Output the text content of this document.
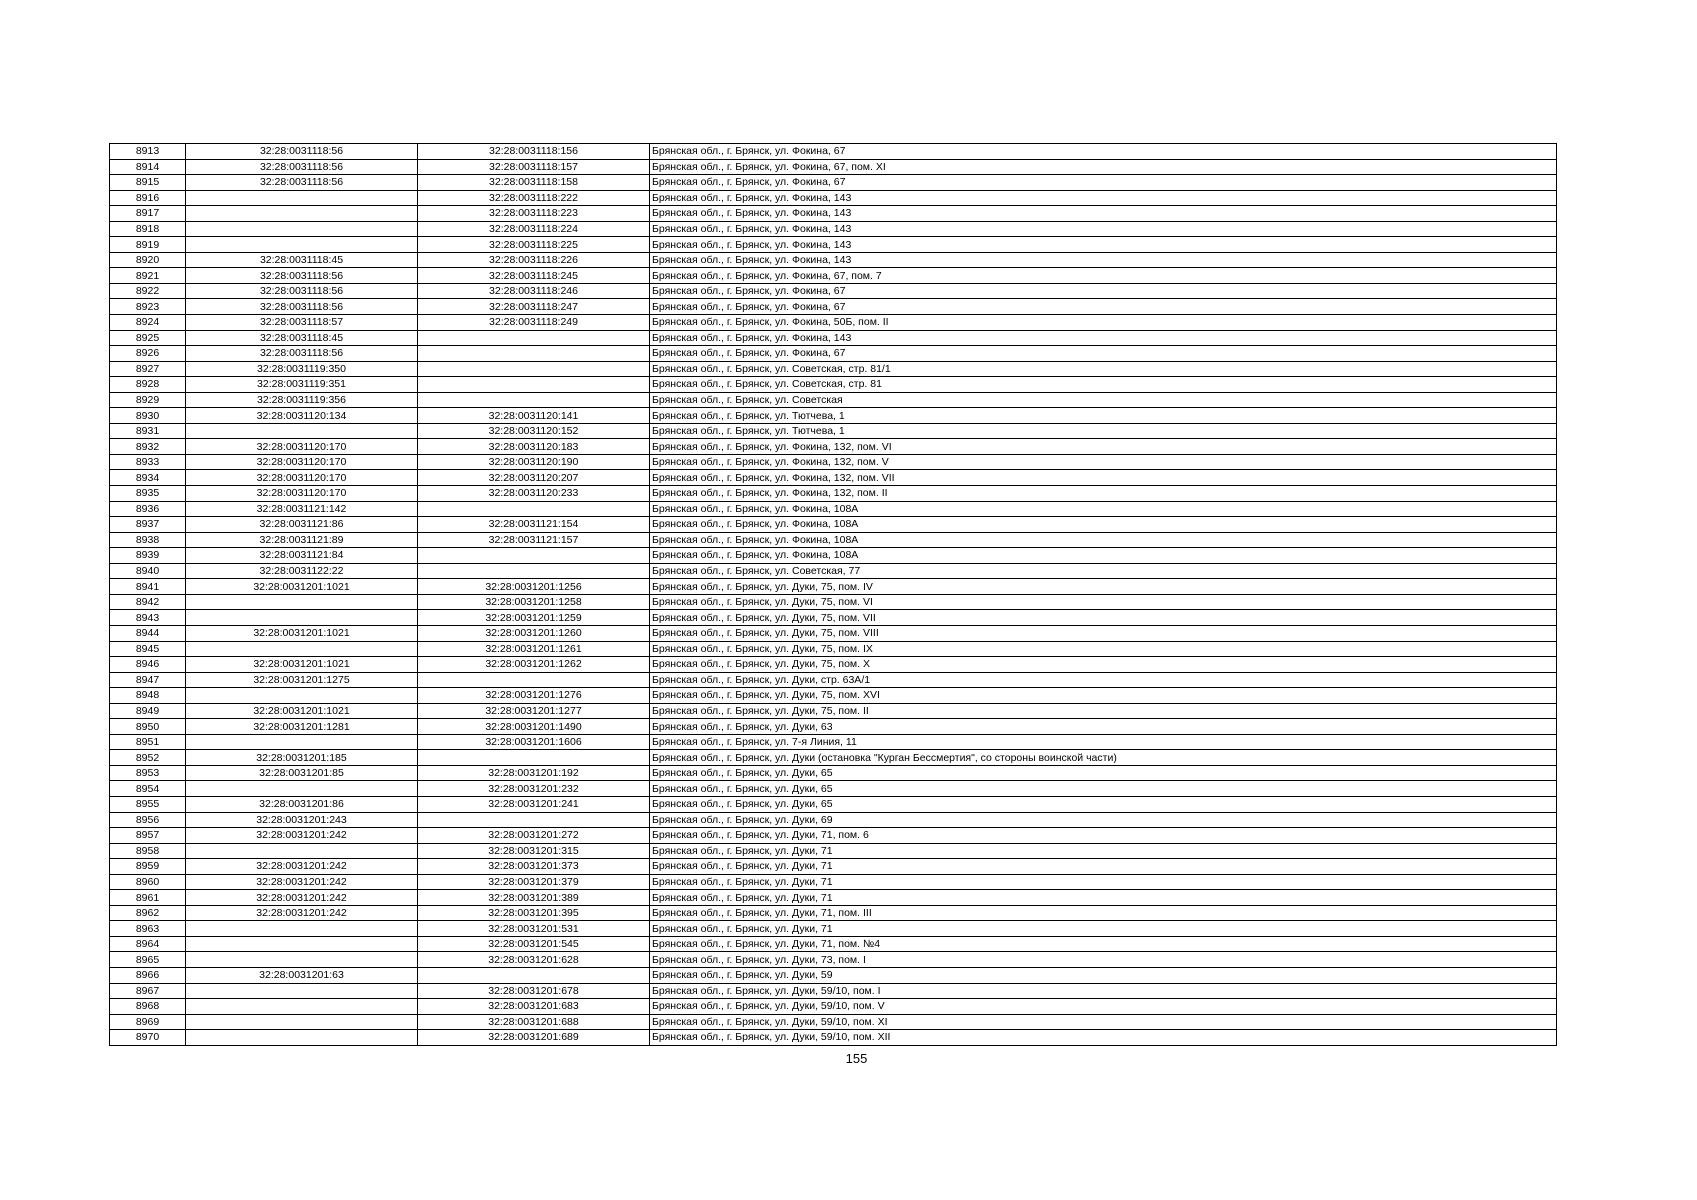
8913	32:28:0031118:56	32:28:0031118:156	Брянская обл., г. Брянск, ул. Фокина, 67
8914	32:28:0031118:56	32:28:0031118:157	Брянская обл., г. Брянск, ул. Фокина, 67, пом. XI
8915	32:28:0031118:56	32:28:0031118:158	Брянская обл., г. Брянск, ул. Фокина, 67
8916		32:28:0031118:222	Брянская обл., г. Брянск, ул. Фокина, 143
8917		32:28:0031118:223	Брянская обл., г. Брянск, ул. Фокина, 143
8918		32:28:0031118:224	Брянская обл., г. Брянск, ул. Фокина, 143
8919		32:28:0031118:225	Брянская обл., г. Брянск, ул. Фокина, 143
8920	32:28:0031118:45	32:28:0031118:226	Брянская обл., г. Брянск, ул. Фокина, 143
8921	32:28:0031118:56	32:28:0031118:245	Брянская обл., г. Брянск, ул. Фокина, 67, пом. 7
8922	32:28:0031118:56	32:28:0031118:246	Брянская обл., г. Брянск, ул. Фокина, 67
8923	32:28:0031118:56	32:28:0031118:247	Брянская обл., г. Брянск, ул. Фокина, 67
8924	32:28:0031118:57	32:28:0031118:249	Брянская обл., г. Брянск, ул. Фокина, 50Б, пом. II
8925	32:28:0031118:45		Брянская обл., г. Брянск, ул. Фокина, 143
8926	32:28:0031118:56		Брянская обл., г. Брянск, ул. Фокина, 67
8927	32:28:0031119:350		Брянская обл., г. Брянск, ул. Советская, стр. 81/1
8928	32:28:0031119:351		Брянская обл., г. Брянск, ул. Советская, стр. 81
8929	32:28:0031119:356		Брянская обл., г. Брянск, ул. Советская
8930	32:28:0031120:134	32:28:0031120:141	Брянская обл., г. Брянск, ул. Тютчева, 1
8931		32:28:0031120:152	Брянская обл., г. Брянск, ул. Тютчева, 1
8932	32:28:0031120:170	32:28:0031120:183	Брянская обл., г. Брянск, ул. Фокина, 132, пом. VI
8933	32:28:0031120:170	32:28:0031120:190	Брянская обл., г. Брянск, ул. Фокина, 132, пом. V
8934	32:28:0031120:170	32:28:0031120:207	Брянская обл., г. Брянск, ул. Фокина, 132, пом. VII
8935	32:28:0031120:170	32:28:0031120:233	Брянская обл., г. Брянск, ул. Фокина, 132, пом. II
8936	32:28:0031121:142		Брянская обл., г. Брянск, ул. Фокина, 108А
8937	32:28:0031121:86	32:28:0031121:154	Брянская обл., г. Брянск, ул. Фокина, 108А
8938	32:28:0031121:89	32:28:0031121:157	Брянская обл., г. Брянск, ул. Фокина, 108А
8939	32:28:0031121:84		Брянская обл., г. Брянск, ул. Фокина, 108А
8940	32:28:0031122:22		Брянская обл., г. Брянск, ул. Советская, 77
8941	32:28:0031201:1021	32:28:0031201:1256	Брянская обл., г. Брянск, ул. Дуки, 75, пом. IV
8942		32:28:0031201:1258	Брянская обл., г. Брянск, ул. Дуки, 75, пом. VI
8943		32:28:0031201:1259	Брянская обл., г. Брянск, ул. Дуки, 75, пом. VII
8944	32:28:0031201:1021	32:28:0031201:1260	Брянская обл., г. Брянск, ул. Дуки, 75, пом. VIII
8945		32:28:0031201:1261	Брянская обл., г. Брянск, ул. Дуки, 75, пом. IX
8946	32:28:0031201:1021	32:28:0031201:1262	Брянская обл., г. Брянск, ул. Дуки, 75, пом. X
8947	32:28:0031201:1275		Брянская обл., г. Брянск, ул. Дуки, стр. 63А/1
8948		32:28:0031201:1276	Брянская обл., г. Брянск, ул. Дуки, 75, пом. XVI
8949	32:28:0031201:1021	32:28:0031201:1277	Брянская обл., г. Брянск, ул. Дуки, 75, пом. II
8950	32:28:0031201:1281	32:28:0031201:1490	Брянская обл., г. Брянск, ул. Дуки, 63
8951		32:28:0031201:1606	Брянская обл., г. Брянск, ул. 7-я Линия, 11
8952	32:28:0031201:185		Брянская обл., г. Брянск, ул. Дуки (остановка "Курган Бессмертия", со стороны воинской части)
8953	32:28:0031201:85	32:28:0031201:192	Брянская обл., г. Брянск, ул. Дуки, 65
8954		32:28:0031201:232	Брянская обл., г. Брянск, ул. Дуки, 65
8955	32:28:0031201:86	32:28:0031201:241	Брянская обл., г. Брянск, ул. Дуки, 65
8956	32:28:0031201:243		Брянская обл., г. Брянск, ул. Дуки, 69
8957	32:28:0031201:242	32:28:0031201:272	Брянская обл., г. Брянск, ул. Дуки, 71, пом. 6
8958		32:28:0031201:315	Брянская обл., г. Брянск, ул. Дуки, 71
8959	32:28:0031201:242	32:28:0031201:373	Брянская обл., г. Брянск, ул. Дуки, 71
8960	32:28:0031201:242	32:28:0031201:379	Брянская обл., г. Брянск, ул. Дуки, 71
8961	32:28:0031201:242	32:28:0031201:389	Брянская обл., г. Брянск, ул. Дуки, 71
8962	32:28:0031201:242	32:28:0031201:395	Брянская обл., г. Брянск, ул. Дуки, 71, пом. III
8963		32:28:0031201:531	Брянская обл., г. Брянск, ул. Дуки, 71
8964		32:28:0031201:545	Брянская обл., г. Брянск, ул. Дуки, 71, пом. №4
8965		32:28:0031201:628	Брянская обл., г. Брянск, ул. Дуки, 73, пом. I
8966	32:28:0031201:63		Брянская обл., г. Брянск, ул. Дуки, 59
8967		32:28:0031201:678	Брянская обл., г. Брянск, ул. Дуки, 59/10, пом. I
8968		32:28:0031201:683	Брянская обл., г. Брянск, ул. Дуки, 59/10, пом. V
8969		32:28:0031201:688	Брянская обл., г. Брянск, ул. Дуки, 59/10, пом. XI
8970		32:28:0031201:689	Брянская обл., г. Брянск, ул. Дуки, 59/10, пом. XII
155
